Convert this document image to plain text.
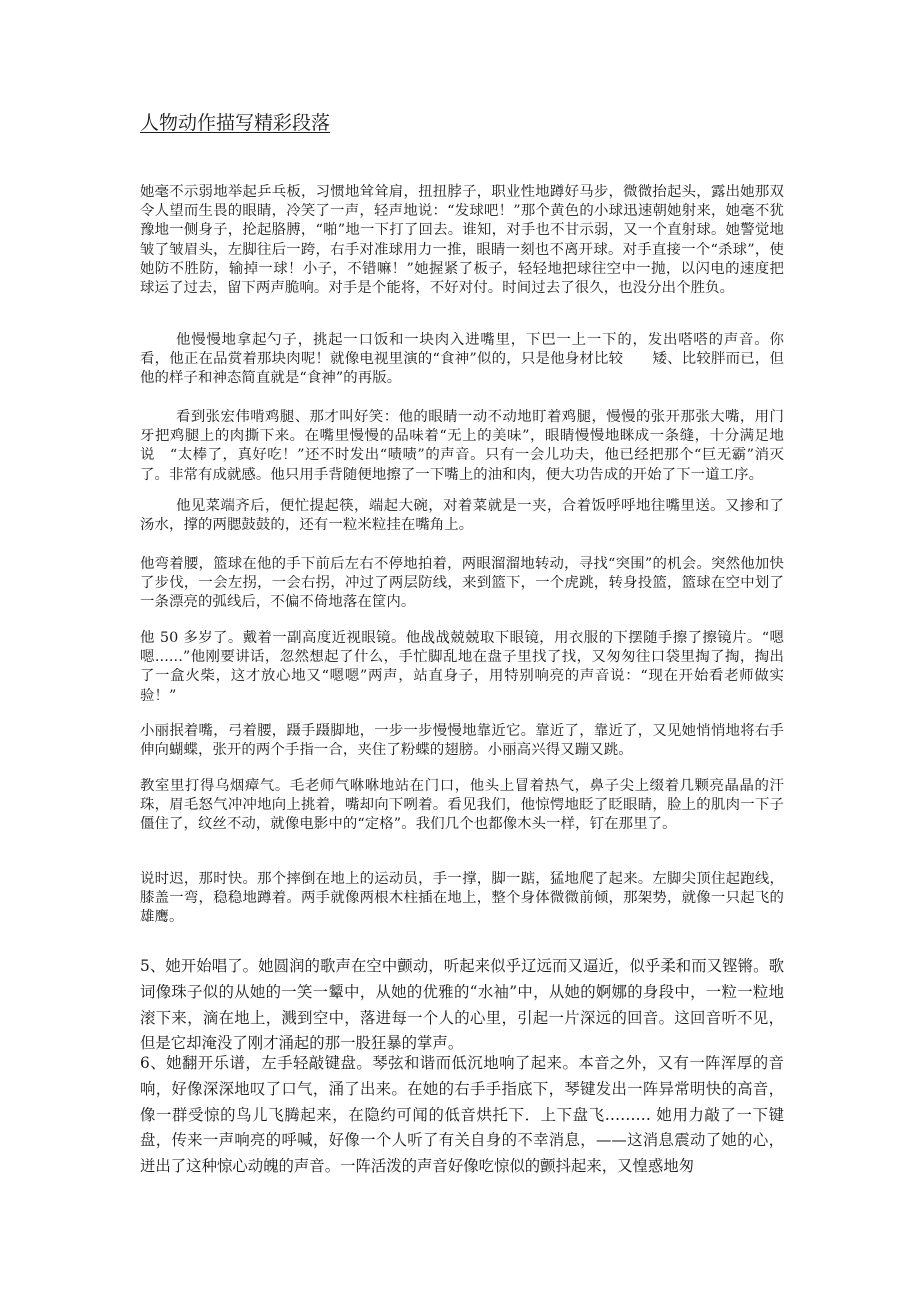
人物动作描写精彩段落

她毫不示弱地举起乒乓板，习惯地耸耸肩，扭扭脖子，职业性地蹲好马步，微微抬起头，露出她那双令人望而生畏的眼睛，冷笑了一声，轻声地说：“发球吧！”那个黄色的小球迅速朝她射来，她毫不犹豫地一侧身子，抡起胳膊，“啪”地一下打了回去。谁知，对手也不甘示弱，又一个直射球。她警觉地皱了皱眉头，左脚往后一跨，右手对准球用力一推，眼睛一刻也不离开球。对手直接一个“杀球”，使她防不胜防，输掉一球！小子，不错嘛！”她握紧了板子，轻轻地把球往空中一抛，以闪电的速度把球运了过去，留下两声脆响。对手是个能将，不好对付。时间过去了很久，也没分出个胜负。

他慢慢地拿起勺子，挑起一口饭和一块肉入进嘴里，下巴一上一下的，发出嗒嗒的声音。你看，他正在品赏着那块肉呢！就像电视里演的“食神”似的，只是他身材比较　　矮、比较胖而已，但他的样子和神态简直就是“食神”的再版。

看到张宏伟啃鸡腿、那才叫好笑：他的眼睛一动不动地盯着鸡腿，慢慢的张开那张大嘴，用门牙把鸡腿上的肉撕下来。在嘴里慢慢的品味着“无上的美味”，眼睛慢慢地眯成一条缝，十分满足地说　“太棒了，真好吃！”还不时发出“啧啧”的声音。只有一会儿功夫，他已经把那个“巨无霸”消灭了。非常有成就感。他只用手背随便地擦了一下嘴上的油和肉，便大功告成的开始了下一道工序。

他见菜端齐后，便忙提起筷，端起大碗，对着菜就是一夹，合着饭呼呼地往嘴里送。又掺和了汤水，撑的两腮鼓鼓的，还有一粒米粒挂在嘴角上。

他弯着腰，篮球在他的手下前后左右不停地拍着，两眼溜溜地转动，寻找“突围”的机会。突然他加快了步伐，一会左拐，一会右拐，冲过了两层防线，来到篮下，一个虎跳，转身投篮，篮球在空中划了一条漂亮的弧线后，不偏不倚地落在筐内。

他 50 多岁了。戴着一副高度近视眼镜。他战战兢兢取下眼镜，用衣服的下摆随手擦了擦镜片。“嗯嗯......”他刚要讲话，忽然想起了什么，手忙脚乱地在盘子里找了找，又匆匆往口袋里掏了掏，掏出了一盒火柴，这才放心地又“嗯嗯”两声，站直身子，用特别响亮的声音说：“现在开始看老师做实验！”

小丽抿着嘴，弓着腰，蹑手蹑脚地，一步一步慢慢地靠近它。靠近了，靠近了，又见她悄悄地将右手伸向蝴蝶，张开的两个手指一合，夹住了粉蝶的翅膀。小丽高兴得又蹦又跳。

教室里打得乌烟瘴气。毛老师气咻咻地站在门口，他头上冒着热气，鼻子尖上缀着几颗亮晶晶的汗珠，眉毛怒气冲冲地向上挑着，嘴却向下咧着。看见我们，他惊愕地眨了眨眼睛，脸上的肌肉一下子僵住了，纹丝不动，就像电影中的“定格”。我们几个也都像木头一样，钉在那里了。

说时迟，那时快。那个摔倒在地上的运动员，手一撑，脚一踮，猛地爬了起来。左脚尖顶住起跑线，膝盖一弯，稳稳地蹲着。两手就像两根木柱插在地上，整个身体微微前倾，那架势，就像一只起飞的雄鹰。

5、她开始唱了。她圆润的歌声在空中颤动，听起来似乎辽远而又逼近，似乎柔和而又铿锵。歌词像珠子似的从她的一笑一颦中，从她的优雅的“水袖”中，从她的婀娜的身段中，一粒一粒地滚下来，滴在地上，溅到空中，落进每一个人的心里，引起一片深远的回音。这回音听不见，但是它却淹没了刚才涌起的那一股狂暴的掌声。

6、她翻开乐谱，左手轻敲键盘。琴弦和谐而低沉地响了起来。本音之外，又有一阵浑厚的音响，好像深深地叹了口气，涌了出来。在她的右手手指底下，琴键发出一阵异常明快的高音，像一群受惊的鸟儿飞腾起来，在隐约可闻的低音烘托下．上下盘飞……… 她用力敲了一下键盘，传来一声响亮的呼喊，好像一个人听了有关自身的不幸消息，——这消息震动了她的心，迸出了这种惊心动魄的声音。一阵活泼的声音好像吃惊似的颤抖起来，又惶惑地匆
